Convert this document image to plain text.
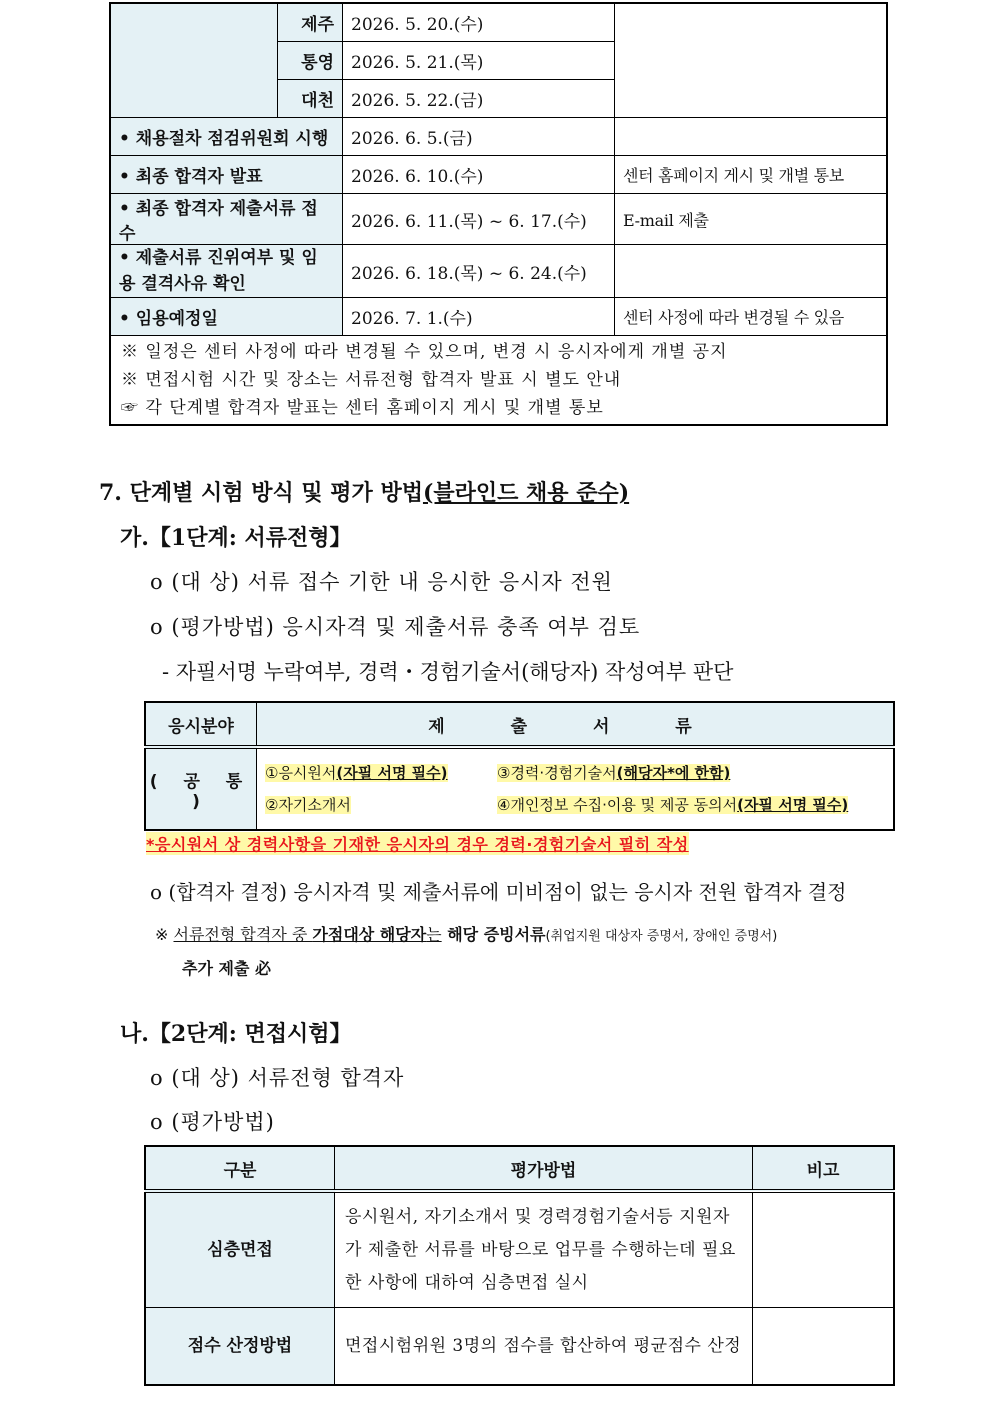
	제주	2026. 5. 20.(수)	
	통영	2026. 5. 21.(목)	
	대천	2026. 5. 22.(금)	
• 채용절차 점검위원회 시행		2026. 6. 5.(금)	
• 최종 합격자 발표		2026. 6. 10.(수)	센터 홈페이지 게시 및 개별 통보
• 최종 합격자 제출서류 접수		2026. 6. 11.(목) ~ 6. 17.(수)	E-mail 제출
• 제출서류 진위여부 및 임용 결격사유 확인		2026. 6. 18.(목) ~ 6. 24.(수)	
• 임용예정일		2026. 7. 1.(수)	센터 사정에 따라 변경될 수 있음

※ 일정은 센터 사정에 따라 변경될 수 있으며, 변경 시 응시자에게 개별 공지
※ 면접시험 시간 및 장소는 서류전형 합격자 발표 시 별도 안내
☞ 각 단계별 합격자 발표는 센터 홈페이지 게시 및 개별 통보			
7. 단계별 시험 방식 및 평가 방법(블라인드 채용 준수)
가.【1단계: 서류전형】
o (대 상) 서류 접수 기한 내 응시한 응시자 전원
o (평가방법) 응시자격 및 제출서류 충족 여부 검토
- 자필서명 누락여부, 경력・경험기술서(해당자) 작성여부 판단
응시분야	제 출 서 류
( 공 통 )	①응시원서(자필 서명 필수) ③경력·경험기술서(해당자*에 한함)
②자기소개서 ④개인정보 수집·이용 및 제공 동의서(자필 서명 필수)
*응시원서 상 경력사항을 기재한 응시자의 경우 경력·경험기술서 필히 작성
o (합격자 결정) 응시자격 및 제출서류에 미비점이 없는 응시자 전원 합격자 결정
※ 서류전형 합격자 중 가점대상 해당자는 해당 증빙서류(취업지원 대상자 증명서, 장애인 증명서)
추가 제출 必
나.【2단계: 면접시험】
o (대 상) 서류전형 합격자
o (평가방법)
구분	평가방법	비고
심층면접	응시원서, 자기소개서 및 경력경험기술서등 지원자가 제출한 서류를 바탕으로 업무를 수행하는데 필요한 사항에 대하여 심층면접 실시	
점수 산정방법	면접시험위원 3명의 점수를 합산하여 평균점수 산정	
